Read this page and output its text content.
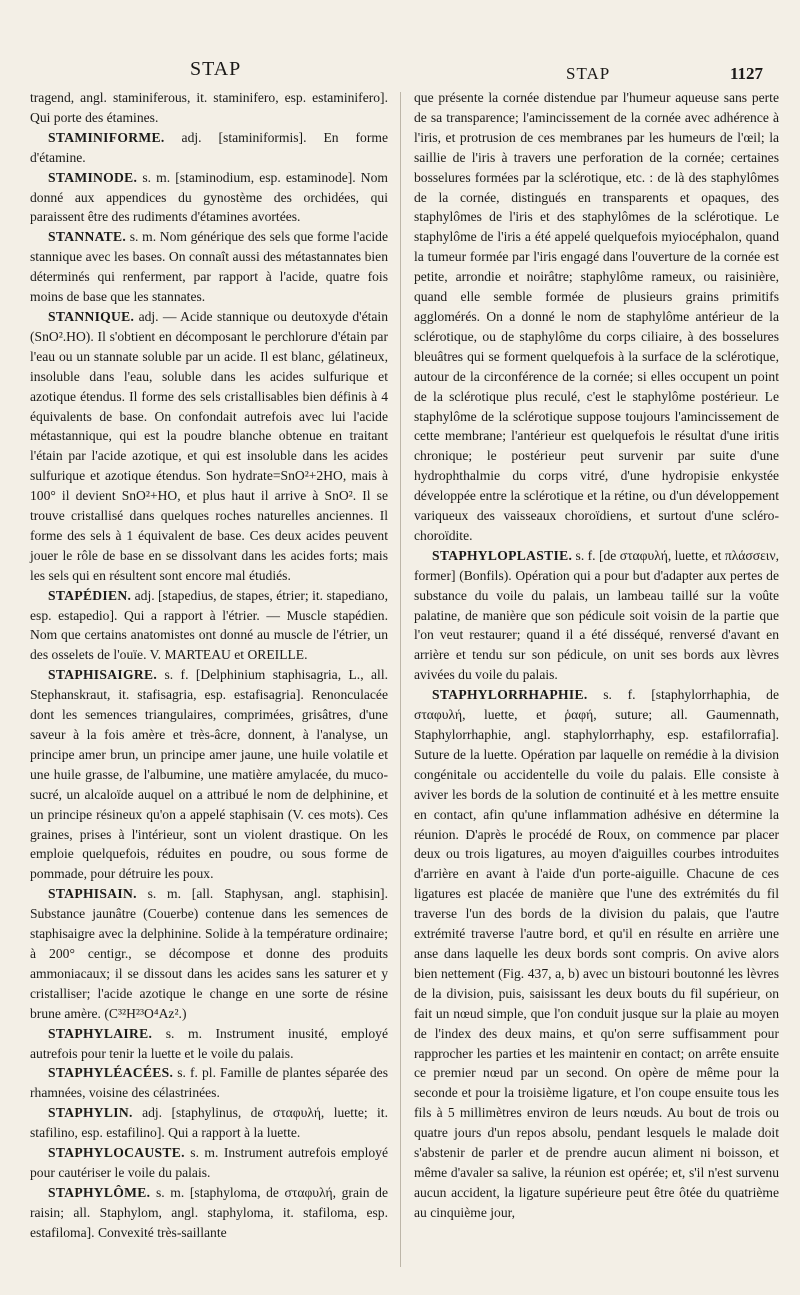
STAP	STAP	1127

tragend, angl. staminiferous, it. staminifero, esp. estaminifero]. Qui porte des étamines.

STAMINIFORME. adj. [staminiformis]. En forme d'étamine.

STAMINODE. s. m. [staminodium, esp. estaminode]. Nom donné aux appendices du gynostème des orchidées, qui paraissent être des rudiments d'étamines avortées.

STANNATE. s. m. Nom générique des sels que forme l'acide stannique avec les bases. On connaît aussi des métastannates bien déterminés qui renferment, par rapport à l'acide, quatre fois moins de base que les stannates.

STANNIQUE. adj. — Acide stannique ou deutoxyde d'étain (SnO².HO). Il s'obtient en décomposant le perchlorure d'étain par l'eau ou un stannate soluble par un acide. Il est blanc, gélatineux, insoluble dans l'eau, soluble dans les acides sulfurique et azotique étendus. Il forme des sels cristallisables bien définis à 4 équivalents de base. On confondait autrefois avec lui l'acide métastannique, qui est la poudre blanche obtenue en traitant l'étain par l'acide azotique, et qui est insoluble dans les acides sulfurique et azotique étendus. Son hydrate=SnO²+2HO, mais à 100° il devient SnO²+HO, et plus haut il arrive à SnO². Il se trouve cristallisé dans quelques roches naturelles anciennes. Il forme des sels à 1 équivalent de base. Ces deux acides peuvent jouer le rôle de base en se dissolvant dans les acides forts; mais les sels qui en résultent sont encore mal étudiés.

STAPÉDIEN. adj. [stapedius, de stapes, étrier; it. stapediano, esp. estapedio]. Qui a rapport à l'étrier. — Muscle stapédien. Nom que certains anatomistes ont donné au muscle de l'étrier, un des osselets de l'ouïe. V. MARTEAU et OREILLE.

STAPHISAIGRE. s. f. [Delphinium staphisagria, L., all. Stephanskraut, it. stafisagria, esp. estafisagria]. Renonculacée dont les semences triangulaires, comprimées, grisâtres, d'une saveur à la fois amère et très-âcre, donnent, à l'analyse, un principe amer brun, un principe amer jaune, une huile volatile et une huile grasse, de l'albumine, une matière amylacée, du muco-sucré, un alcaloïde auquel on a attribué le nom de delphinine, et un principe résineux qu'on a appelé staphisain (V. ces mots). Ces graines, prises à l'intérieur, sont un violent drastique. On les emploie quelquefois, réduites en poudre, ou sous forme de pommade, pour détruire les poux.

STAPHISAIN. s. m. [all. Staphysan, angl. staphisin]. Substance jaunâtre (Couerbe) contenue dans les semences de staphisaigre avec la delphinine. Solide à la température ordinaire; à 200° centigr., se décompose et donne des produits ammoniacaux; il se dissout dans les acides sans les saturer et y cristalliser; l'acide azotique le change en une sorte de résine brune amère. (C³²H²³O⁴Az².)

STAPHYLAIRE. s. m. Instrument inusité, employé autrefois pour tenir la luette et le voile du palais.

STAPHYLÉACÉES. s. f. pl. Famille de plantes séparée des rhamnées, voisine des célastrinées.

STAPHYLIN. adj. [staphylinus, de σταφυλή, luette; it. stafilino, esp. estafilino]. Qui a rapport à la luette.

STAPHYLOCAUSTE. s. m. Instrument autrefois employé pour cautériser le voile du palais.

STAPHYLÔME. s. m. [staphyloma, de σταφυλή, grain de raisin; all. Staphylom, angl. staphyloma, it. stafiloma, esp. estafiloma]. Convexité très-saillante

que présente la cornée distendue par l'humeur aqueuse sans perte de sa transparence; l'amincissement de la cornée avec adhérence à l'iris, et protrusion de ces membranes par les humeurs de l'œil; la saillie de l'iris à travers une perforation de la cornée; certaines bosselures formées par la sclérotique, etc. : de là des staphylômes de la cornée, distingués en transparents et opaques, des staphylômes de l'iris et des staphylômes de la sclérotique. Le staphylôme de l'iris a été appelé quelquefois myiocéphalon, quand la tumeur formée par l'iris engagé dans l'ouverture de la cornée est petite, arrondie et noirâtre; staphylôme rameux, ou raisinière, quand elle semble formée de plusieurs grains primitifs agglomérés. On a donné le nom de staphylôme antérieur de la sclérotique, ou de staphylôme du corps ciliaire, à des bosselures bleuâtres qui se forment quelquefois à la surface de la sclérotique, autour de la circonférence de la cornée; si elles occupent un point de la sclérotique plus reculé, c'est le staphylôme postérieur. Le staphylôme de la sclérotique suppose toujours l'amincissement de cette membrane; l'antérieur est quelquefois le résultat d'une iritis chronique; le postérieur peut survenir par suite d'une hydrophthalmie du corps vitré, d'une hydropisie enkystée développée entre la sclérotique et la rétine, ou d'un développement variqueux des vaisseaux choroïdiens, et surtout d'une scléro-choroïdite.

STAPHYLOPLASTIE. s. f. [de σταφυλή, luette, et πλάσσειν, former] (Bonfils). Opération qui a pour but d'adapter aux pertes de substance du voile du palais, un lambeau taillé sur la voûte palatine, de manière que son pédicule soit voisin de la partie que l'on veut restaurer; quand il a été disséqué, renversé d'avant en arrière et tendu sur son pédicule, on unit ses bords aux lèvres avivées du voile du palais.

STAPHYLORRHAPHIE. s. f. [staphylorrhaphia, de σταφυλή, luette, et ῥαφή, suture; all. Gaumennath, Staphylorrhaphie, angl. staphylorrhaphy, esp. estafilorrafia]. Suture de la luette. Opération par laquelle on remédie à la division congénitale ou accidentelle du voile du palais. Elle consiste à aviver les bords de la solution de continuité et à les mettre ensuite en contact, afin qu'une inflammation adhésive en détermine la réunion. D'après le procédé de Roux, on commence par placer deux ou trois ligatures, au moyen d'aiguilles courbes introduites d'arrière en avant à l'aide d'un porte-aiguille. Chacune de ces ligatures est placée de manière que l'une des extrémités du fil traverse l'un des bords de la division du palais, que l'autre extrémité traverse l'autre bord, et qu'il en résulte en arrière une anse dans laquelle les deux bords sont compris. On avive alors bien nettement (Fig. 437, a, b) avec un bistouri boutonné les lèvres de la division, puis, saisissant les deux bouts du fil supérieur, on fait un nœud simple, que l'on conduit jusque sur la plaie au moyen de l'index des deux mains, et qu'on serre suffisamment pour rapprocher les parties et les maintenir en contact; on arrête ensuite ce premier nœud par un second. On opère de même pour la seconde et pour la troisième ligature, et l'on coupe ensuite tous les fils à 5 millimètres environ de leurs nœuds. Au bout de trois ou quatre jours d'un repos absolu, pendant lesquels le malade doit s'abstenir de parler et de prendre aucun aliment ni boisson, et même d'avaler sa salive, la réunion est opérée; et, s'il n'est survenu aucun accident, la ligature supérieure peut être ôtée du quatrième au cinquième jour,
